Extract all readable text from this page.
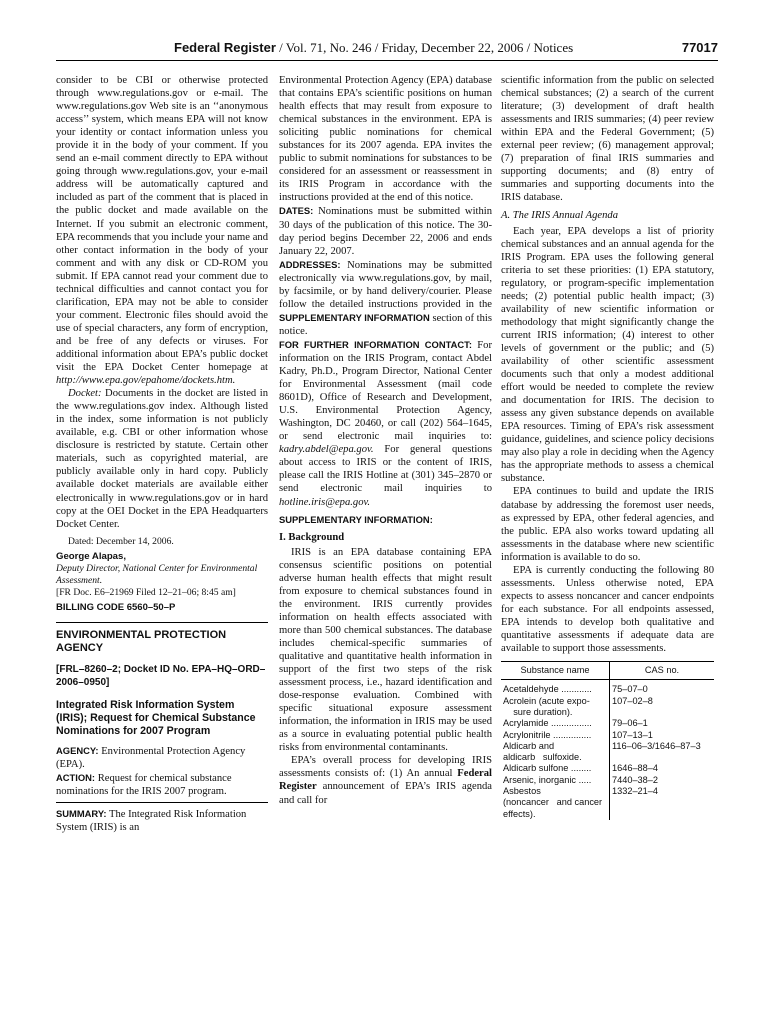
Federal Register / Vol. 71, No. 246 / Friday, December 22, 2006 / Notices	77017

consider to be CBI or otherwise protected through www.regulations.gov or e-mail. The www.regulations.gov Web site is an ‘‘anonymous access’’ system, which means EPA will not know your identity or contact information unless you provide it in the body of your comment. If you send an e-mail comment directly to EPA without going through www.regulations.gov, your e-mail address will be automatically captured and included as part of the comment that is placed in the public docket and made available on the Internet. If you submit an electronic comment, EPA recommends that you include your name and other contact information in the body of your comment and with any disk or CD-ROM you submit. If EPA cannot read your comment due to technical difficulties and cannot contact you for clarification, EPA may not be able to consider your comment. Electronic files should avoid the use of special characters, any form of encryption, and be free of any defects or viruses. For additional information about EPA’s public docket visit the EPA Docket Center homepage at http://www.epa.gov/epahome/dockets.htm.

Docket: Documents in the docket are listed in the www.regulations.gov index. Although listed in the index, some information is not publicly available, e.g. CBI or other information whose disclosure is restricted by statute. Certain other materials, such as copyrighted material, are publicly available only in hard copy. Publicly available docket materials are available either electronically in www.regulations.gov or in hard copy at the OEI Docket in the EPA Headquarters Docket Center.

Dated: December 14, 2006.

George Alapas,

Deputy Director, National Center for Environmental Assessment.

[FR Doc. E6–21969 Filed 12–21–06; 8:45 am]

BILLING CODE 6560–50–P
ENVIRONMENTAL PROTECTION AGENCY
[FRL–8260–2; Docket ID No. EPA–HQ–ORD–2006–0950]
Integrated Risk Information System (IRIS); Request for Chemical Substance Nominations for 2007 Program

AGENCY: Environmental Protection Agency (EPA).

ACTION: Request for chemical substance nominations for the IRIS 2007 program.

SUMMARY: The Integrated Risk Information System (IRIS) is an

Environmental Protection Agency (EPA) database that contains EPA’s scientific positions on human health effects that may result from exposure to chemical substances in the environment. EPA is soliciting public nominations for chemical substances for its 2007 agenda. EPA invites the public to submit nominations for substances to be considered for an assessment or reassessment in its IRIS Program in accordance with the instructions provided at the end of this notice.

DATES: Nominations must be submitted within 30 days of the publication of this notice. The 30-day period begins December 22, 2006 and ends January 22, 2007.

ADDRESSES: Nominations may be submitted electronically via www.regulations.gov, by mail, by facsimile, or by hand delivery/courier. Please follow the detailed instructions provided in the SUPPLEMENTARY INFORMATION section of this notice.

FOR FURTHER INFORMATION CONTACT: For information on the IRIS Program, contact Abdel Kadry, Ph.D., Program Director, National Center for Environmental Assessment (mail code 8601D), Office of Research and Development, U.S. Environmental Protection Agency, Washington, DC 20460, or call (202) 564–1645, or send electronic mail inquiries to: kadry.abdel@epa.gov. For general questions about access to IRIS or the content of IRIS, please call the IRIS Hotline at (301) 345–2870 or send electronic mail inquiries to hotline.iris@epa.gov.

SUPPLEMENTARY INFORMATION:
I. Background

IRIS is an EPA database containing EPA consensus scientific positions on potential adverse human health effects that might result from exposure to chemical substances found in the environment. IRIS currently provides information on health effects associated with more than 500 chemical substances. The database includes chemical-specific summaries of qualitative and quantitative health information in support of the first two steps of the risk assessment process, i.e., hazard identification and dose-response evaluation. Combined with specific situational exposure assessment information, the information in IRIS may be used as a source in evaluating potential public health risks from environmental contaminants.

EPA’s overall process for developing IRIS assessments consists of: (1) An annual Federal Register announcement of EPA’s IRIS agenda and call for

scientific information from the public on selected chemical substances; (2) a search of the current literature; (3) development of draft health assessments and IRIS summaries; (4) peer review within EPA and the Federal Government; (5) external peer review; (6) management approval; (7) preparation of final IRIS summaries and supporting documents; and (8) entry of summaries and supporting documents into the IRIS database.

A. The IRIS Annual Agenda

Each year, EPA develops a list of priority chemical substances and an annual agenda for the IRIS Program. EPA uses the following general criteria to set these priorities: (1) EPA statutory, regulatory, or program-specific implementation needs; (2) potential public health impact; (3) availability of new scientific information or methodology that might significantly change the current IRIS information; (4) interest to other levels of government or the public; and (5) availability of other scientific assessment documents such that only a modest additional effort would be needed to complete the review and documentation for IRIS. The decision to assess any given substance depends on available EPA resources. Timing of EPA’s risk assessment guidance, guidelines, and science policy decisions may also play a role in deciding when the Agency has the appropriate methods to assess a chemical substance.

EPA continues to build and update the IRIS database by addressing the foremost user needs, as expressed by EPA, other federal agencies, and the public. EPA also works toward updating all assessments in the database where new scientific information is available to do so.

EPA is currently conducting the following 80 assessments. Unless otherwise noted, EPA expects to assess noncancer and cancer endpoints for each substance. For all endpoints assessed, EPA intends to develop both qualitative and quantitative assessments if adequate data are available to support those assessments.

Substance name	CAS no.
Acetaldehyde ............	75–07–0
Acrolein (acute expo-    sure duration).	107–02–8
Acrylamide ................	79–06–1
Acrylonitrile ...............	107–13–1
Aldicarb and aldicarb   sulfoxide.	116–06–3/1646–87–3
Aldicarb sulfone ........	1646–88–4
Arsenic, inorganic .....	7440–38–2
Asbestos (noncancer   and cancer effects).	1332–21–4
